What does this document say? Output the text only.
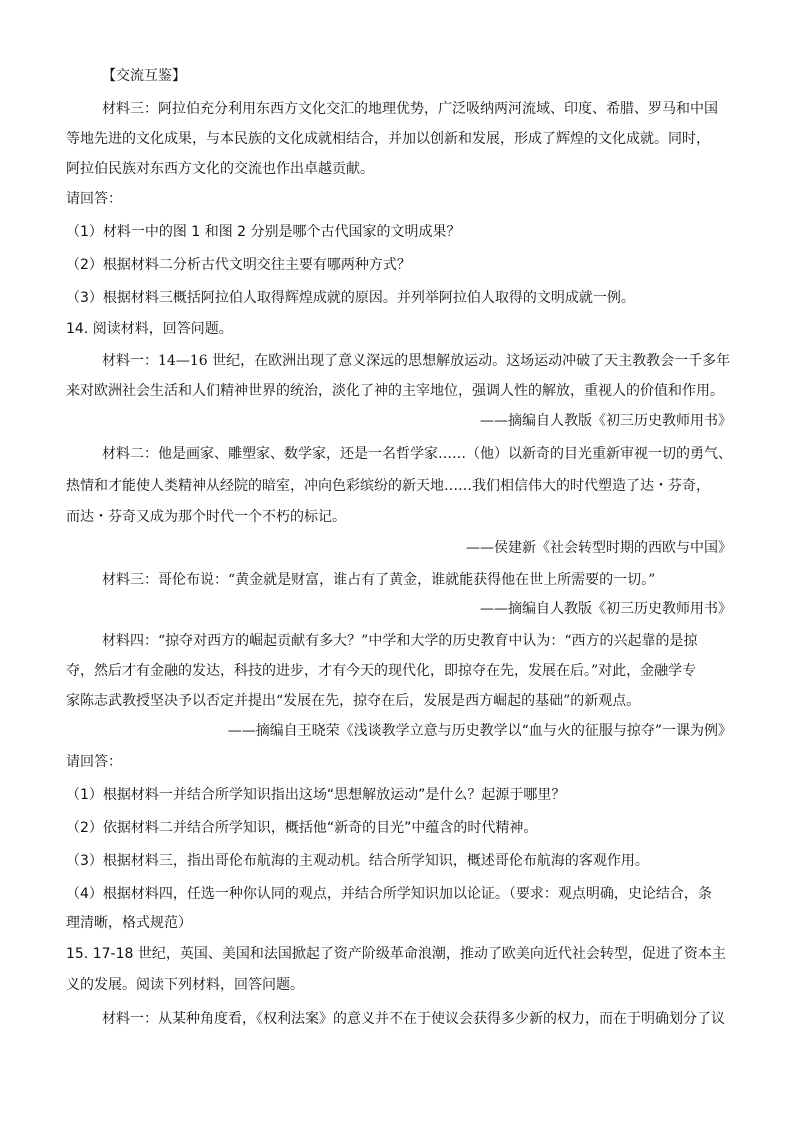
【交流互鉴】
材料三：阿拉伯充分利用东西方文化交汇的地理优势，广泛吸纳两河流域、印度、希腊、罗马和中国
等地先进的文化成果，与本民族的文化成就相结合，并加以创新和发展，形成了辉煌的文化成就。同时，
阿拉伯民族对东西方文化的交流也作出卓越贡献。
请回答：
（1）材料一中的图 1 和图 2 分别是哪个古代国家的文明成果？
（2）根据材料二分析古代文明交往主要有哪两种方式？
（3）根据材料三概括阿拉伯人取得辉煌成就的原因。并列举阿拉伯人取得的文明成就一例。
14. 阅读材料，回答问题。
材料一：14—16 世纪，在欧洲出现了意义深远的思想解放运动。这场运动冲破了天主教教会一千多年
来对欧洲社会生活和人们精神世界的统治，淡化了神的主宰地位，强调人性的解放，重视人的价值和作用。
——摘编自人教版《初三历史教师用书》
材料二：他是画家、雕塑家、数学家，还是一名哲学家……（他）以新奇的目光重新审视一切的勇气、
热情和才能使人类精神从经院的暗室，冲向色彩缤纷的新天地……我们相信伟大的时代塑造了达・芬奇，
而达・芬奇又成为那个时代一个不朽的标记。
——侯建新《社会转型时期的西欧与中国》
材料三：哥伦布说：“黄金就是财富，谁占有了黄金，谁就能获得他在世上所需要的一切。”
——摘编自人教版《初三历史教师用书》
材料四：“掠夺对西方的崛起贡献有多大？”中学和大学的历史教育中认为：“西方的兴起靠的是掠
夺，然后才有金融的发达，科技的进步，才有今天的现代化，即掠夺在先，发展在后。”对此，金融学专
家陈志武教授坚决予以否定并提出“发展在先，掠夺在后，发展是西方崛起的基础”的新观点。
——摘编自王晓荣《浅谈教学立意与历史教学以“血与火的征服与掠夺”一课为例》
请回答：
（1）根据材料一并结合所学知识指出这场“思想解放运动”是什么？起源于哪里？
（2）依据材料二并结合所学知识，概括他“新奇的目光”中蕴含的时代精神。
（3）根据材料三，指出哥伦布航海的主观动机。结合所学知识，概述哥伦布航海的客观作用。
（4）根据材料四，任选一种你认同的观点，并结合所学知识加以论证。（要求：观点明确，史论结合，条
理清晰，格式规范）
15. 17-18 世纪，英国、美国和法国掀起了资产阶级革命浪潮，推动了欧美向近代社会转型，促进了资本主
义的发展。阅读下列材料，回答问题。
材料一：从某种角度看，《权利法案》的意义并不在于使议会获得多少新的权力，而在于明确划分了议
